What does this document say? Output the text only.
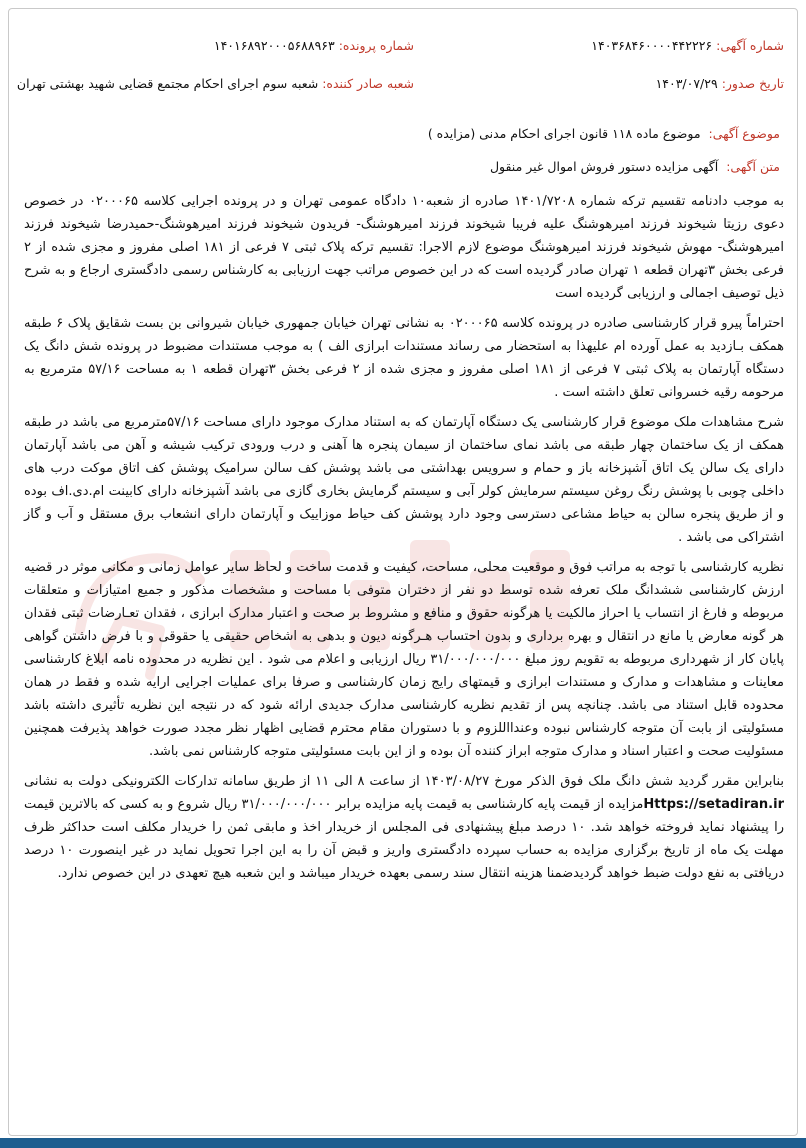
شماره آگهی: ۱۴۰۳۶۸۴۶۰۰۰۰۴۴۲۲۲۶
شماره پرونده: ۱۴۰۱۶۸۹۲۰۰۰۵۶۸۸۹۶۳
تاریخ صدور: ۱۴۰۳/۰۷/۲۹
شعبه صادر کننده: شعبه سوم اجرای احکام مجتمع قضایی شهید بهشتی تهران
موضوع آگهی: موضوع ماده ۱۱۸ قانون اجرای احکام مدنی (مزایده )
متن آگهی: آگهی مزایده دستور فروش اموال غیر منقول

به موجب دادنامه تقسیم ترکه شماره ۱۴۰۱/۷۲۰۸ صادره از شعبه۱۰ دادگاه عمومی تهران و در پرونده اجرایی کلاسه ۰۲۰۰۰۶۵ در خصوص دعوی رزیتا شیخوند فرزند امیرهوشنگ علیه فریبا شیخوند فرزند امیرهوشنگ- فریدون شیخوند فرزند امیرهوشنگ-حمیدرضا شیخوند فرزند امیرهوشنگ- مهوش شیخوند فرزند امیرهوشنگ موضوع لازم الاجرا: تقسیم ترکه پلاک ثبتی ۷ فرعی از ۱۸۱ اصلی مفروز و مجزی شده از ۲ فرعی بخش ۳تهران قطعه ۱ تهران صادر گردیده است که در این خصوص مراتب جهت ارزیابی به کارشناس رسمی دادگستری ارجاع و به شرح ذیل توصیف اجمالی و ارزیابی گردیده است

احتراماً پیرو قرار کارشناسی صادره در پرونده کلاسه ۰۲۰۰۰۶۵ به نشانی تهران خیابان جمهوری خیابان شیروانی بن بست شقایق پلاک ۶ طبقه همکف بـازدید به عمل آورده ام علیهذا به استحضار می رساند مستندات ابرازی الف ) به موجب مستندات مضبوط در پرونده شش دانگ یک دستگاه آپارتمان به پلاک ثبتی ۷ فرعی از ۱۸۱ اصلی مفروز و مجزی شده از ۲ فرعی بخش ۳تهران قطعه ۱ به مساحت ۵۷/۱۶ مترمربع به مرحومه رقیه خسروانی تعلق داشته است .

شرح مشاهدات ملک موضوع قرار کارشناسی یک دستگاه آپارتمان که به استناد مدارک موجود دارای مساحت ۵۷/۱۶مترمربع می باشد در طبقه همکف از یک ساختمان چهار طبقه می باشد نمای ساختمان از سیمان پنجره ها آهنی و درب ورودی ترکیب شیشه و آهن می باشد آپارتمان دارای یک سالن یک اتاق آشپزخانه باز و حمام و سرویس بهداشتی می باشد پوشش کف سالن سرامیک پوشش کف اتاق موکت درب های داخلی چوبی با پوشش رنگ روغن سیستم سرمایش کولر آبی و سیستم گرمایش بخاری گازی می باشد آشپزخانه دارای کابینت ام.دی.اف بوده و از طریق پنجره سالن به حیاط مشاعی دسترسی وجود دارد پوشش کف حیاط موزاییک و آپارتمان دارای انشعاب برق مستقل و آب و گاز اشتراکی می باشد .

نظریه کارشناسی با توجه به مراتب فوق و موقعیت محلی، مساحت، کیفیت و قدمت ساخت و لحاظ سایر عوامل زمانی و مکانی موثر در قضیه ارزش کارشناسی ششدانگ ملک تعرفه شده توسط دو نفر از دختران متوفی با مساحت و مشخصات مذکور و جمیع امتیازات و متعلقات مربوطه و فارغ از انتساب یا احراز مالکیت یا هرگونه حقوق و منافع و مشروط بر صحت و اعتبار مدارک ابرازی ، فقدان تعـارضات ثبتی فقدان هر گونه معارض یا مانع در انتقال و بهره برداری و بدون احتساب هـرگونه دیون و بدهی به اشخاص حقیقی یا حقوقی و با فرض داشتن گواهی پایان کار از شهرداری مربوطه به تقویم روز مبلغ ۳۱/۰۰۰/۰۰۰/۰۰۰ ریال ارزیابی و اعلام می شود . این نظریه در محدوده نامه ابلاغ کارشناسی معاینات و مشاهدات و مدارک و مستندات ابرازی و قیمتهای رایج زمان کارشناسی و صرفا برای عملیات اجرایی ارایه شده و فقط در همان محدوده قابل استناد می باشد. چنانچه پس از تقدیم نظریه کارشناسی مدارک جدیدی ارائه شود که در نتیجه این نظریه تأثیری داشته باشد مسئولیتی از بابت آن متوجه کارشناس نبوده وعندااللزوم و با دستوران مقام محترم قضایی اظهار نظر مجدد صورت خواهد پذیرفت همچنین مسئولیت صحت و اعتبار اسناد و مدارک متوجه ابراز کننده آن بوده و از این بابت مسئولیتی متوجه کارشناس نمی باشد.

بنابراین مقرر گردید شش دانگ ملک فوق الذکر مورخ ۱۴۰۳/۰۸/۲۷ از ساعت ۸ الی ۱۱ از طریق سامانه تدارکات الکترونیکی دولت به نشانی Https://setadiran.irمزایده از قیمت پایه کارشناسی به قیمت پایه مزایده برابر ۳۱/۰۰۰/۰۰۰/۰۰۰ ریال شروع و به کسی که بالاترین قیمت را پیشنهاد نماید فروخته خواهد شد. ۱۰ درصد مبلغ پیشنهادی فی المجلس از خریدار اخذ و مابقی ثمن را خریدار مکلف است حداکثر ظرف مهلت یک ماه از تاریخ برگزاری مزایده به حساب سپرده دادگستری واریز و قبض آن را به این اجرا تحویل نماید در غیر اینصورت ۱۰ درصد دریافتی به نفع دولت ضبط خواهد گردیدضمنا هزینه انتقال سند رسمی بعهده خریدار میباشد و این شعبه هیچ تعهدی در این خصوص ندارد.
